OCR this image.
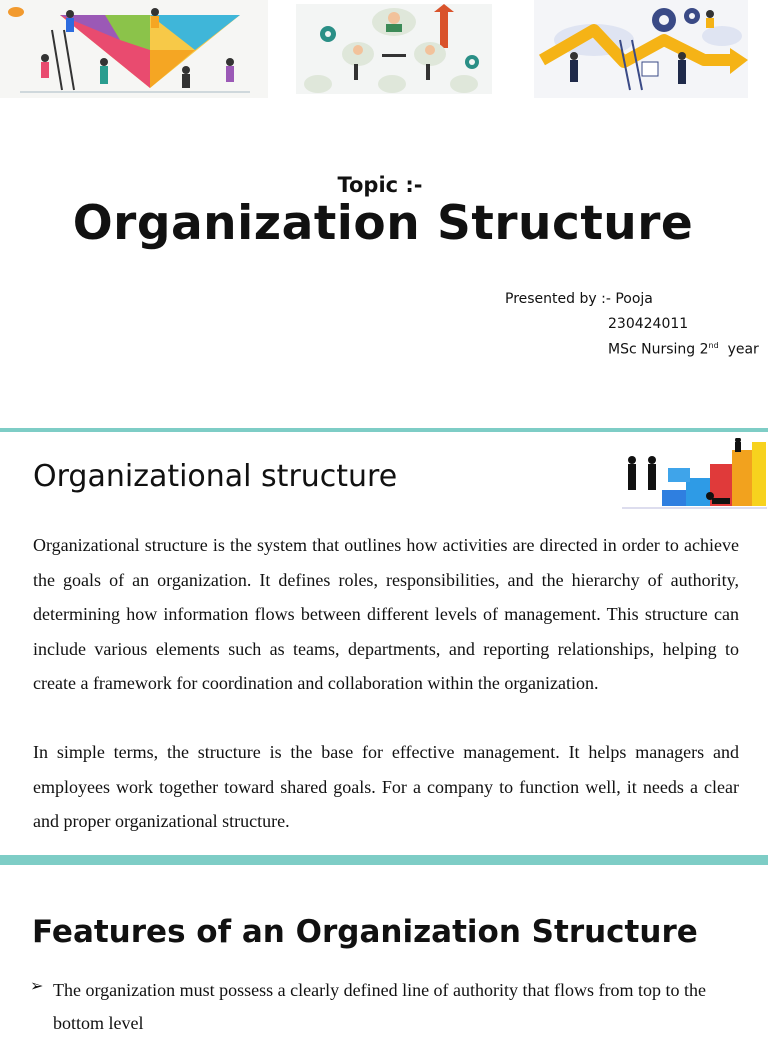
Topic :-
Organization Structure
Presented by :- Pooja
230424011
MSc Nursing 2nd  year
Organizational structure
Organizational structure is the system that outlines how activities are directed in order to achieve the goals of an organization. It defines roles, responsibilities, and the hierarchy of authority, determining how information flows between different levels of management. This structure can include various elements such as teams, departments, and reporting relationships, helping to create a framework for coordination and collaboration within the organization.
In simple terms, the structure is the base for effective management. It helps managers and employees work together toward shared goals. For a company to function well, it needs a clear and proper organizational structure.
Features of an Organization Structure
➢ The organization must possess a clearly defined line of authority that flows from top to the bottom level
